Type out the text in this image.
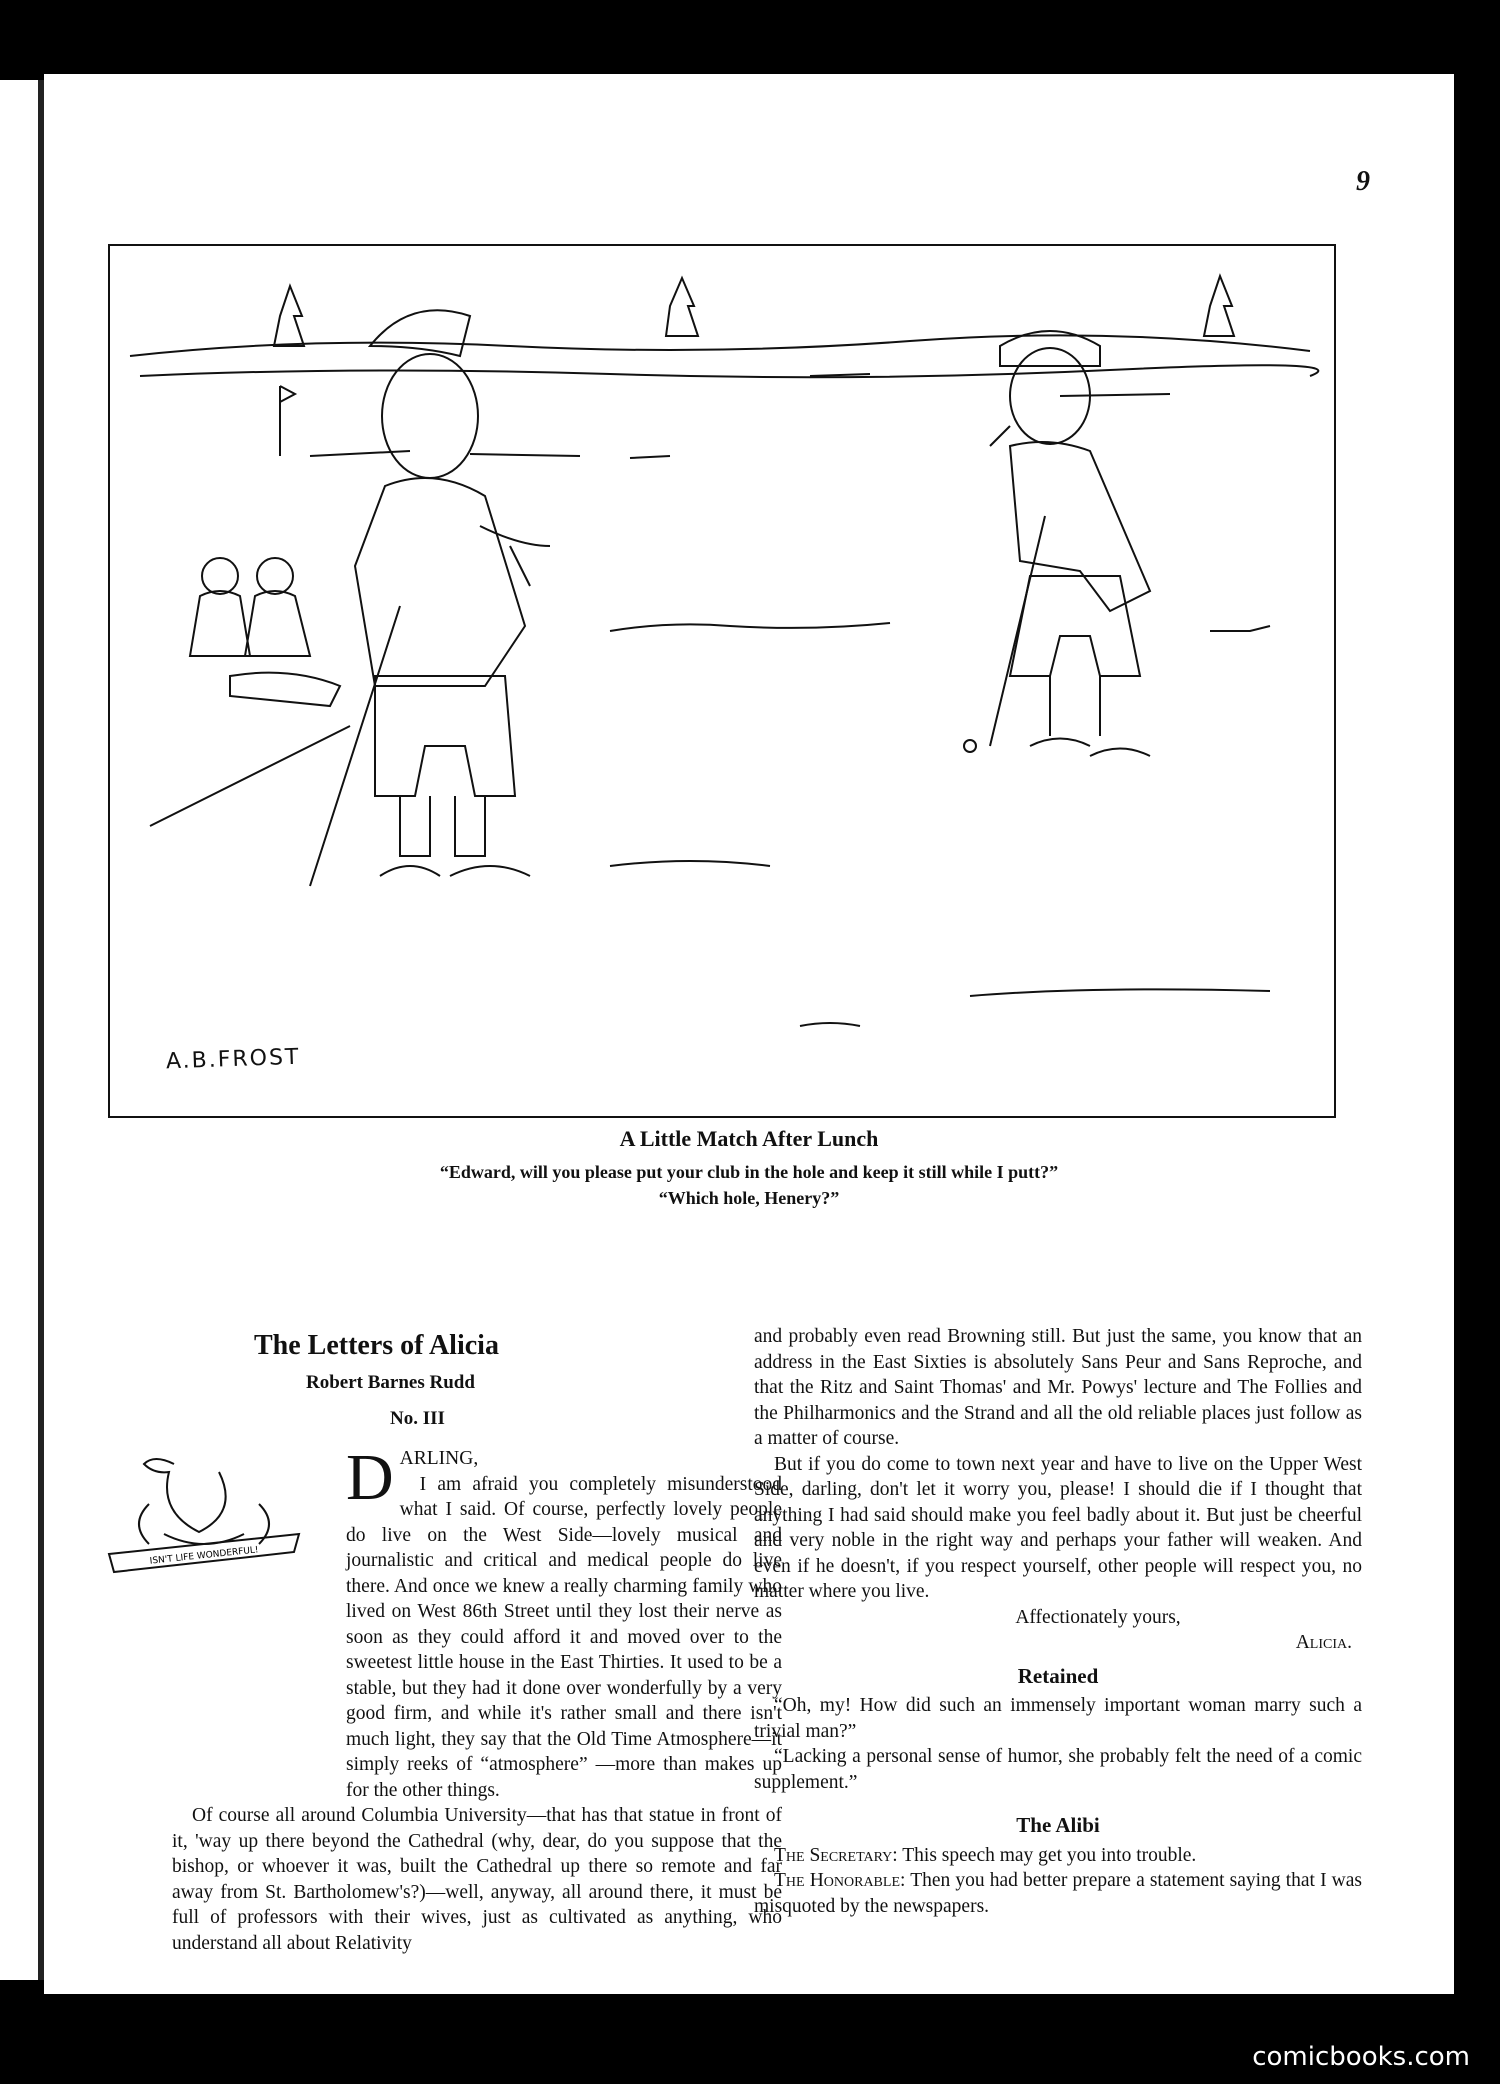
9
A.B.FROST
A Little Match After Lunch
“Edward, will you please put your club in the hole and keep it still while I putt?”
“Which hole, Henery?”
The Letters of Alicia
Robert Barnes Rudd
No. III
ISN'T LIFE WONDERFUL!
D ARLING,

I am afraid you completely misunderstood what I said. Of course, perfectly lovely people do live on the West Side—lovely musical and journalistic and critical and medical people do live there. And once we knew a really charming family who lived on West 86th Street until they lost their nerve as soon as they could afford it and moved over to the sweetest little house in the East Thirties. It used to be a stable, but they had it done over wonderfully by a very good firm, and while it's rather small and there isn't much light, they say that the Old Time Atmosphere—it simply reeks of “atmosphere” —more than makes up for the other things.

Of course all around Columbia University—that has that statue in front of it, 'way up there beyond the Cathedral (why, dear, do you suppose that the bishop, or whoever it was, built the Cathedral up there so remote and far away from St. Bartholomew's?)—well, anyway, all around there, it must be full of professors with their wives, just as cultivated as anything, who understand all about Relativity

and probably even read Browning still. But just the same, you know that an address in the East Sixties is absolutely Sans Peur and Sans Reproche, and that the Ritz and Saint Thomas' and Mr. Powys' lecture and The Follies and the Philharmonics and the Strand and all the old reliable places just follow as a matter of course.

But if you do come to town next year and have to live on the Upper West Side, darling, don't let it worry you, please! I should die if I thought that anything I had said should make you feel badly about it. But just be cheerful and very noble in the right way and perhaps your father will weaken. And even if he doesn't, if you respect yourself, other people will respect you, no matter where you live.

Affectionately yours,
Alicia.
Retained

“Oh, my! How did such an immensely important woman marry such a trivial man?”

“Lacking a personal sense of humor, she probably felt the need of a comic supplement.”

The Alibi

The Secretary: This speech may get you into trouble.

The Honorable: Then you had better prepare a statement saying that I was misquoted by the newspapers.

comicbooks.com
